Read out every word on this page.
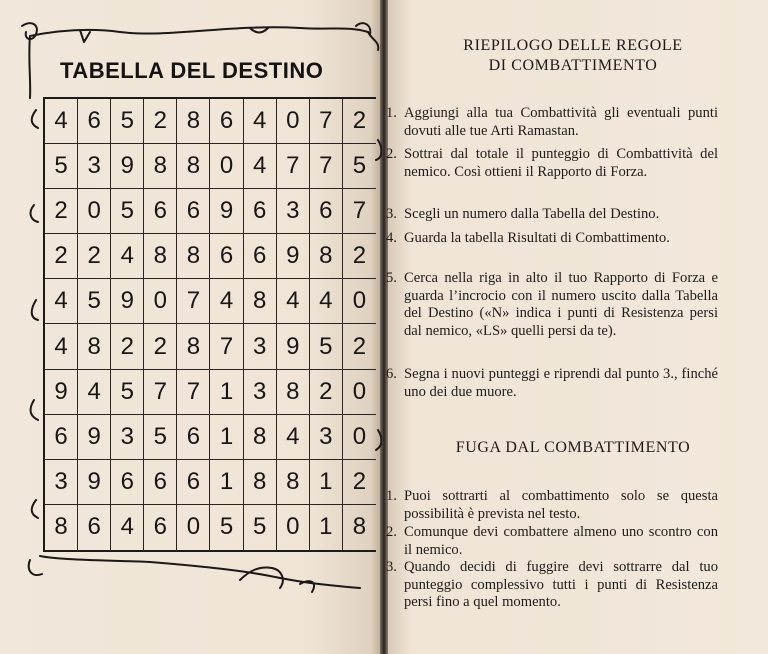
TABELLA DEL DESTINO
4 6 5 2 8 6 4 0 7 2
5 3 9 8 8 0 4 7 7 5
2 0 5 6 6 9 6 3 6 7
2 2 4 8 8 6 6 9 8 2
4 5 9 0 7 4 8 4 4 0
4 8 2 2 8 7 3 9 5 2
9 4 5 7 7 1 3 8 2 0
6 9 3 5 6 1 8 4 3 0
3 9 6 6 6 1 8 8 1 2
8 6 4 6 0 5 5 0 1 8
RIEPILOGO DELLE REGOLE
DI COMBATTIMENTO
1. Aggiungi alla tua Combattività gli eventuali punti dovuti alle tue Arti Ramastan.
2. Sottrai dal totale il punteggio di Combattività del nemico. Così ottieni il Rapporto di Forza.
3. Scegli un numero dalla Tabella del Destino.
4. Guarda la tabella Risultati di Combattimento.
5. Cerca nella riga in alto il tuo Rapporto di Forza e guarda l’incrocio con il numero uscito dalla Tabella del Destino («N» indica i punti di Resistenza persi dal nemico, «LS» quelli persi da te).
6. Segna i nuovi punteggi e riprendi dal punto 3., finché uno dei due muore.
FUGA DAL COMBATTIMENTO
1. Puoi sottrarti al combattimento solo se questa possibilità è prevista nel testo.
2. Comunque devi combattere almeno uno scontro con il nemico.
3. Quando decidi di fuggire devi sottrarre dal tuo punteggio complessivo tutti i punti di Resistenza persi fino a quel momento.
